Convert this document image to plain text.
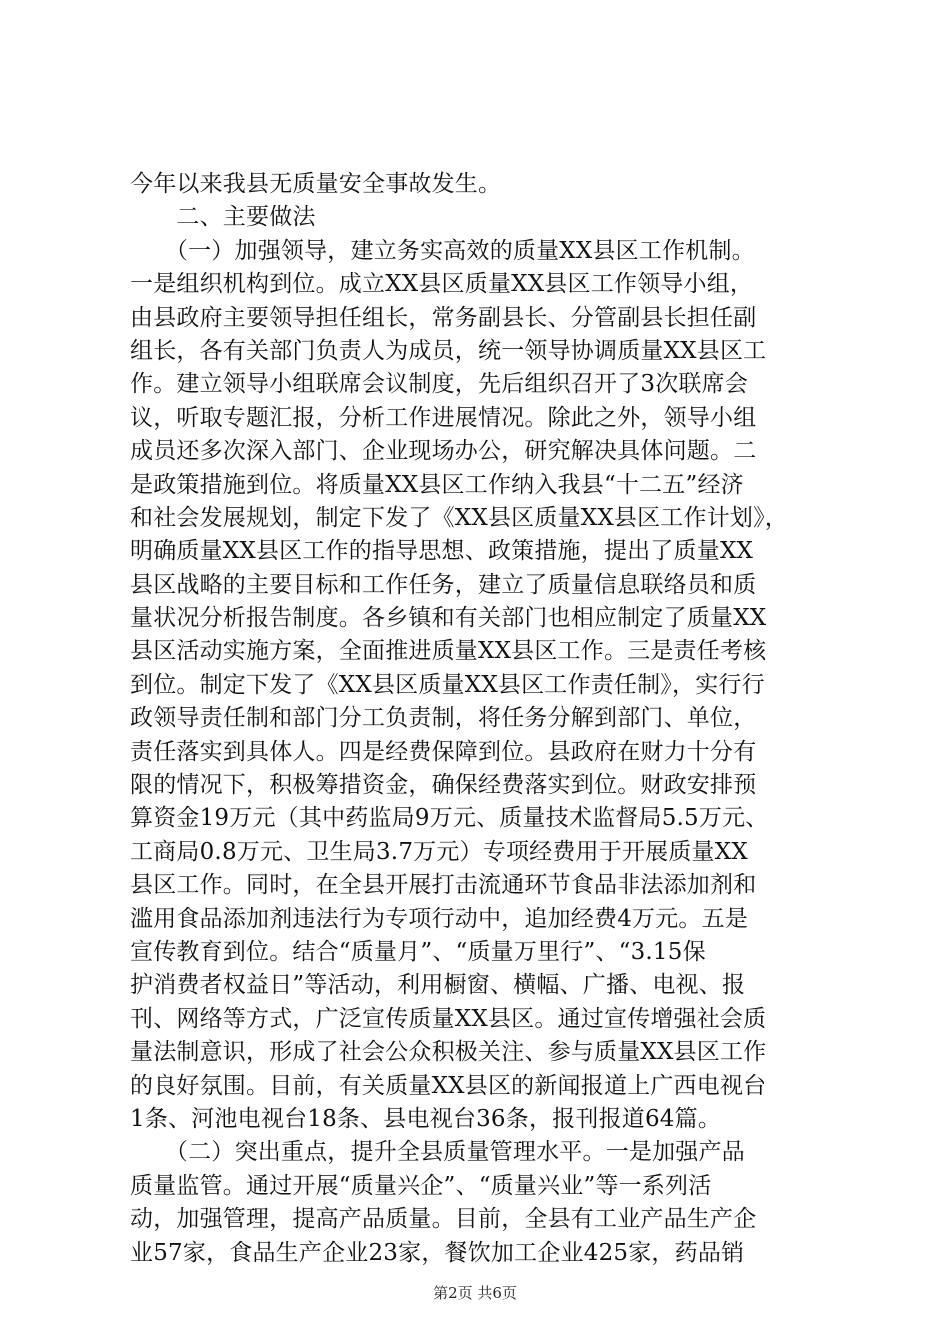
今年以来我县无质量安全事故发生。
　　二、主要做法
　　（一）加强领导，建立务实高效的质量XX县区工作机制。
一是组织机构到位。成立XX县区质量XX县区工作领导小组，
由县政府主要领导担任组长，常务副县长、分管副县长担任副
组长，各有关部门负责人为成员，统一领导协调质量XX县区工
作。建立领导小组联席会议制度，先后组织召开了3次联席会
议，听取专题汇报，分析工作进展情况。除此之外，领导小组
成员还多次深入部门、企业现场办公，研究解决具体问题。二
是政策措施到位。将质量XX县区工作纳入我县“十二五”经济
和社会发展规划，制定下发了《XX县区质量XX县区工作计划》，
明确质量XX县区工作的指导思想、政策措施，提出了质量XX
县区战略的主要目标和工作任务，建立了质量信息联络员和质
量状况分析报告制度。各乡镇和有关部门也相应制定了质量XX
县区活动实施方案，全面推进质量XX县区工作。三是责任考核
到位。制定下发了《XX县区质量XX县区工作责任制》，实行行
政领导责任制和部门分工负责制，将任务分解到部门、单位，
责任落实到具体人。四是经费保障到位。县政府在财力十分有
限的情况下，积极筹措资金，确保经费落实到位。财政安排预
算资金19万元（其中药监局9万元、质量技术监督局5.5万元、
工商局0.8万元、卫生局3.7万元）专项经费用于开展质量XX
县区工作。同时，在全县开展打击流通环节食品非法添加剂和
滥用食品添加剂违法行为专项行动中，追加经费4万元。五是
宣传教育到位。结合“质量月”、“质量万里行”、“3.15保
护消费者权益日”等活动，利用橱窗、横幅、广播、电视、报
刊、网络等方式，广泛宣传质量XX县区。通过宣传增强社会质
量法制意识，形成了社会公众积极关注、参与质量XX县区工作
的良好氛围。目前，有关质量XX县区的新闻报道上广西电视台
1条、河池电视台18条、县电视台36条，报刊报道64篇。
　　（二）突出重点，提升全县质量管理水平。一是加强产品
质量监管。通过开展“质量兴企”、“质量兴业”等一系列活
动，加强管理，提高产品质量。目前，全县有工业产品生产企
业57家，食品生产企业23家，餐饮加工企业425家，药品销
第2页 共6页
